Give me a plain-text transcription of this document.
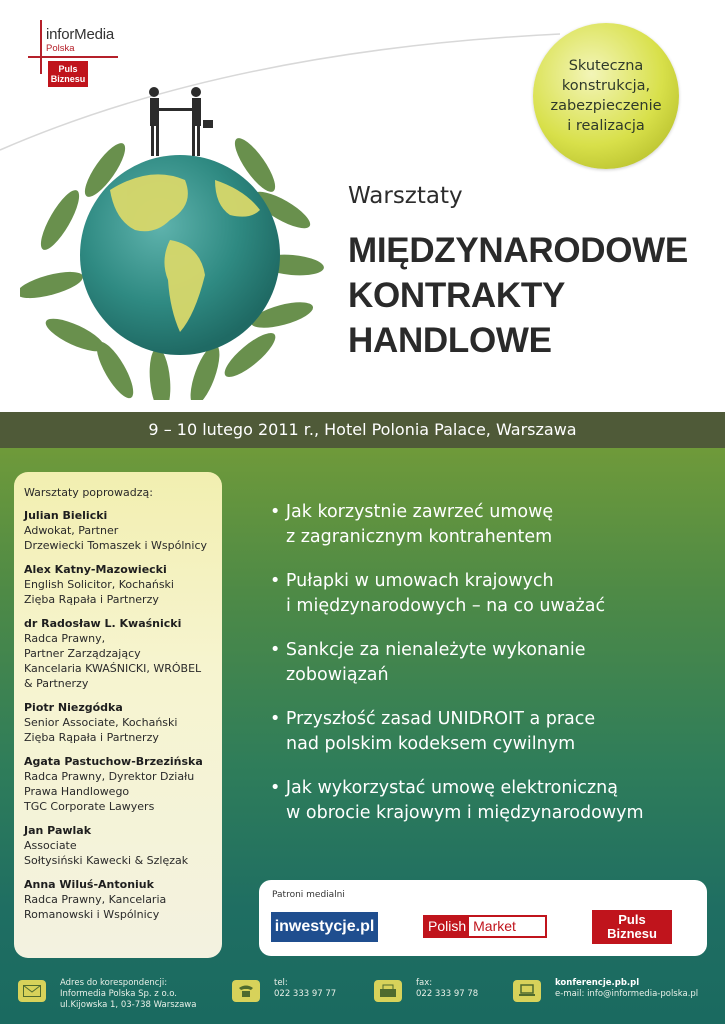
inforMedia
Polska
Puls
Biznesu
Skuteczna
konstrukcja,
zabezpieczenie
i realizacja
Warsztaty
MIĘDZYNARODOWE
KONTRAKTY
HANDLOWE
9 – 10 lutego 2011 r., Hotel Polonia Palace, Warszawa
Warsztaty poprowadzą:
Julian Bielicki
Adwokat, Partner
Drzewiecki Tomaszek i Wspólnicy
Alex Katny-Mazowiecki
English Solicitor, Kochański
Zięba Rąpała i Partnerzy
dr Radosław L. Kwaśnicki
Radca Prawny,
Partner Zarządzający
Kancelaria KWAŚNICKI, WRÓBEL
& Partnerzy
Piotr Niezgódka
Senior Associate, Kochański
Zięba Rąpała i Partnerzy
Agata Pastuchow-Brzezińska
Radca Prawny, Dyrektor Działu
Prawa Handlowego
TGC Corporate Lawyers
Jan Pawlak
Associate
Sołtysiński Kawecki & Szlęzak
Anna Wiluś-Antoniuk
Radca Prawny, Kancelaria
Romanowski i Wspólnicy
• Jak korzystnie zawrzeć umowę
z zagranicznym kontrahentem
• Pułapki w umowach krajowych
i międzynarodowych – na co uważać
• Sankcje za nienależyte wykonanie
zobowiązań
• Przyszłość zasad UNIDROIT a prace
nad polskim kodeksem cywilnym
• Jak wykorzystać umowę elektroniczną
w obrocie krajowym i międzynarodowym
Patroni medialni
inwestycje.pl	Polish Market	Puls
Biznesu
Adres do korespondencji:
Informedia Polska Sp. z o.o.
ul.Kijowska 1, 03-738 Warszawa
tel:
022 333 97 77
fax:
022 333 97 78
konferencje.pb.pl
e-mail: info@informedia-polska.pl
